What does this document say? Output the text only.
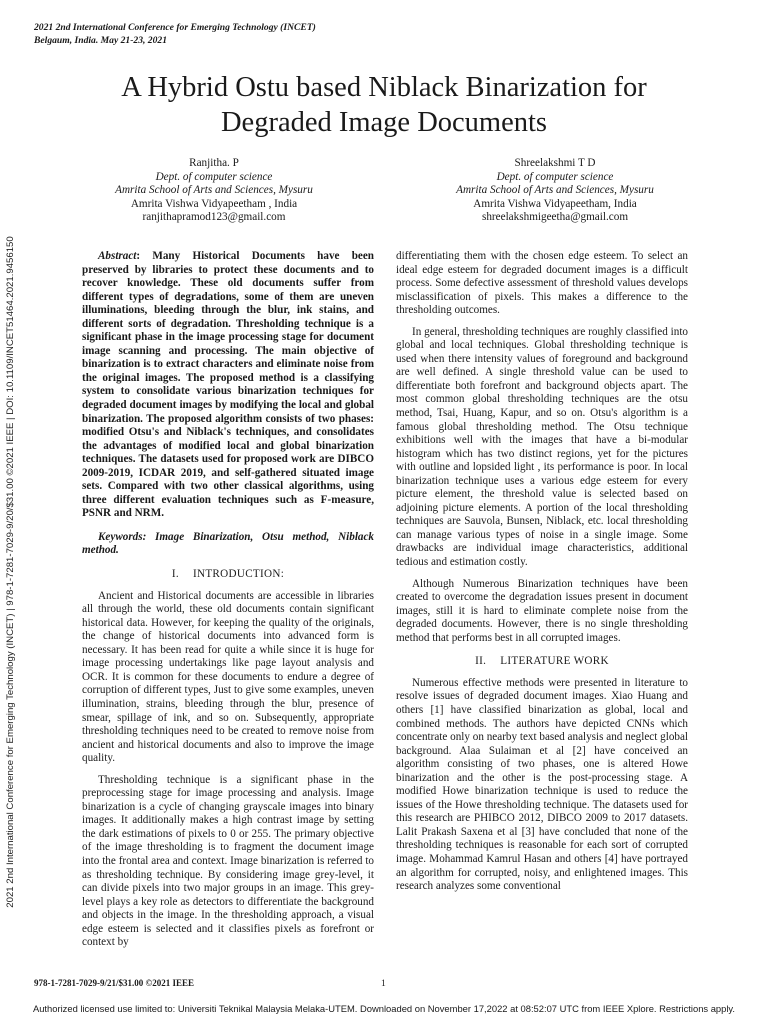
2021 2nd International Conference for Emerging Technology (INCET)
Belgaum, India. May 21-23, 2021
A Hybrid Ostu based Niblack Binarization for
Degraded Image Documents
Ranjitha. P
Dept. of computer science
Amrita School of Arts and Sciences, Mysuru
Amrita Vishwa Vidyapeetham , India
ranjithapramod123@gmail.com
Shreelakshmi T D
Dept. of computer science
Amrita School of Arts and Sciences, Mysuru
Amrita Vishwa Vidyapeetham, India
shreelakshmigeetha@gmail.com
2021 2nd International Conference for Emerging Technology (INCET) | 978-1-7281-7029-9/20/$31.00 ©2021 IEEE | DOI: 10.1109/INCET51464.2021.9456150	Abstract: Many Historical Documents have been preserved by libraries to protect these documents and to recover knowledge. These old documents suffer from different types of degradations, some of them are uneven illuminations, bleeding through the blur, ink stains, and different sorts of degradation. Thresholding technique is a significant phase in the image processing stage for document image scanning and processing. The main objective of binarization is to extract characters and eliminate noise from the original images. The proposed method is a classifying system to consolidate various binarization techniques for degraded document images by modifying the local and global binarization. The proposed algorithm consists of two phases: modified Otsu's and Niblack's techniques, and consolidates the advantages of modified local and global binarization techniques. The datasets used for proposed work are DIBCO 2009-2019, ICDAR 2019, and self-gathered situated image sets. Compared with two other classical algorithms, using three different evaluation techniques such as F-measure, PSNR and NRM.
Keywords: Image Binarization, Otsu method, Niblack method.
I. INTRODUCTION:

Ancient and Historical documents are accessible in libraries all through the world, these old documents contain significant historical data. However, for keeping the quality of the originals, the change of historical documents into advanced form is necessary. It has been read for quite a while since it is huge for image processing undertakings like page layout analysis and OCR. It is common for these documents to endure a degree of corruption of different types, Just to give some examples, uneven illumination, strains, bleeding through the blur, presence of smear, spillage of ink, and so on. Subsequently, appropriate thresholding techniques need to be created to remove noise from ancient and historical documents and also to improve the image quality.

Thresholding technique is a significant phase in the preprocessing stage for image processing and analysis. Image binarization is a cycle of changing grayscale images into binary images. It additionally makes a high contrast image by setting the dark estimations of pixels to 0 or 255. The primary objective of the image thresholding is to fragment the document image into the frontal area and context. Image binarization is referred to as thresholding technique. By considering image grey-level, it can divide pixels into two major groups in an image. This grey-level plays a key role as detectors to differentiate the background and objects in the image. In the thresholding approach, a visual edge esteem is selected and it classifies pixels as forefront or context by

differentiating them with the chosen edge esteem. To select an ideal edge esteem for degraded document images is a difficult process. Some defective assessment of threshold values develops misclassification of pixels. This makes a difference to the thresholding outcomes.

In general, thresholding techniques are roughly classified into global and local techniques. Global thresholding technique is used when there intensity values of foreground and background are well defined. A single threshold value can be used to differentiate both forefront and background objects apart. The most common global thresholding techniques are the otsu method, Tsai, Huang, Kapur, and so on. Otsu's algorithm is a famous global thresholding method. The Otsu technique exhibitions well with the images that have a bi-modular histogram which has two distinct regions, yet for the pictures with outline and lopsided light , its performance is poor. In local binarization technique uses a various edge esteem for every picture element, the threshold value is selected based on adjoining picture elements. A portion of the local thresholding techniques are Sauvola, Bunsen, Niblack, etc. local thresholding can manage various types of noise in a single image. Some drawbacks are individual image characteristics, additional tedious and estimation costly.

Although Numerous Binarization techniques have been created to overcome the degradation issues present in document images, still it is hard to eliminate complete noise from the degraded documents. However, there is no single thresholding method that performs best in all corrupted images.

II. LITERATURE WORK

Numerous effective methods were presented in literature to resolve issues of degraded document images. Xiao Huang and others [1] have classified binarization as global, local and combined methods. The authors have depicted CNNs which concentrate only on nearby text based analysis and neglect global background. Alaa Sulaiman et al [2] have conceived an algorithm consisting of two phases, one is altered Howe binarization and the other is the post-processing stage. A modified Howe binarization technique is used to reduce the issues of the Howe thresholding technique. The datasets used for this research are PHIBCO 2012, DIBCO 2009 to 2017 datasets. Lalit Prakash Saxena et al [3] have concluded that none of the thresholding techniques is reasonable for each sort of corrupted image. Mohammad Kamrul Hasan and others [4] have portrayed an algorithm for corrupted, noisy, and enlightened images. This research analyzes some conventional

978-1-7281-7029-9/21/$31.00 ©2021 IEEE	1
Authorized licensed use limited to: Universiti Teknikal Malaysia Melaka-UTEM. Downloaded on November 17,2022 at 08:52:07 UTC from IEEE Xplore. Restrictions apply.
